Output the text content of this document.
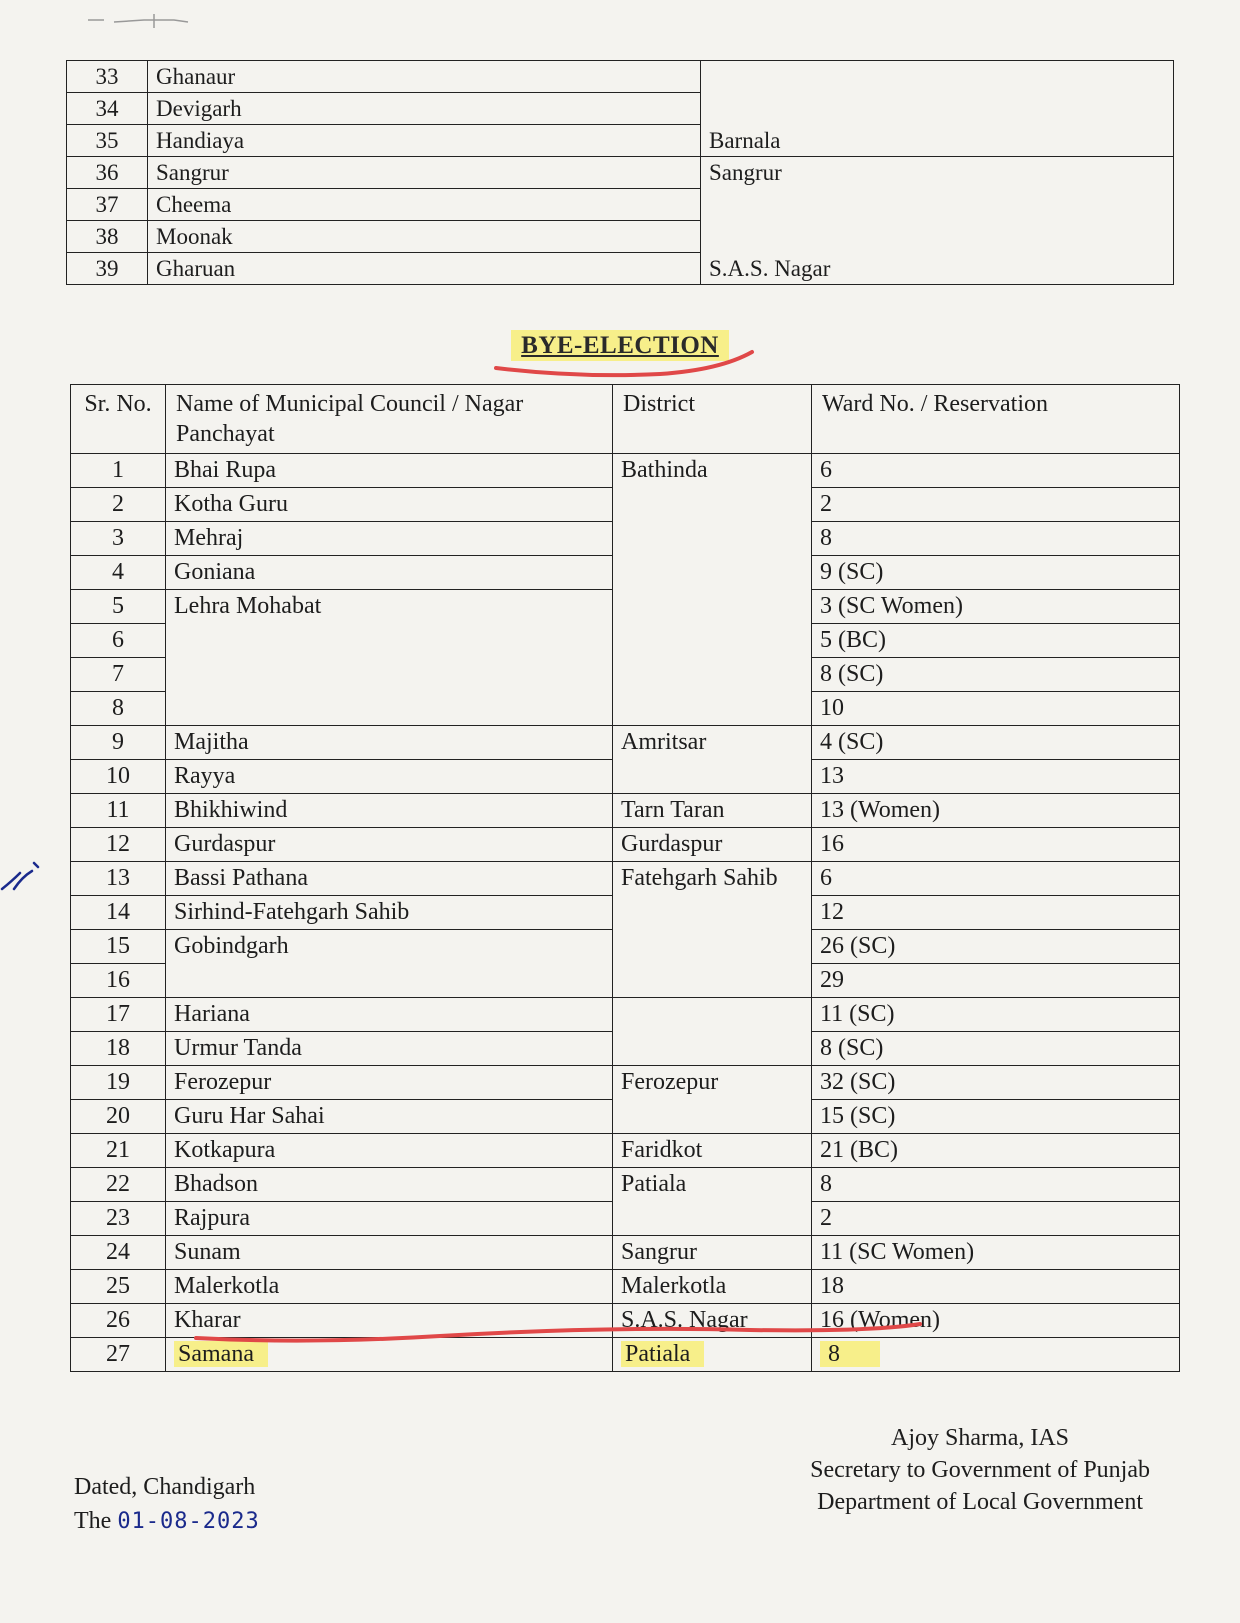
33	Ghanaur	
34	Devigarh	
35	Handiaya	Barnala
36	Sangrur	Sangrur
37	Cheema	
38	Moonak	
39	Gharuan	S.A.S. Nagar
BYE-ELECTION
Sr. No.	Name of Municipal Council / Nagar Panchayat	District	Ward No. / Reservation
1	Bhai Rupa	Bathinda	6
2	Kotha Guru		2
3	Mehraj		8
4	Goniana		9 (SC)
5	Lehra Mohabat		3 (SC Women)
6			5 (BC)
7			8 (SC)
8			10
9	Majitha	Amritsar	4 (SC)
10	Rayya		13
11	Bhikhiwind	Tarn Taran	13 (Women)
12	Gurdaspur	Gurdaspur	16
13	Bassi Pathana	Fatehgarh Sahib	6
14	Sirhind-Fatehgarh Sahib		12
15	Gobindgarh		26 (SC)
16			29
17	Hariana		11 (SC)
18	Urmur Tanda		8 (SC)
19	Ferozepur	Ferozepur	32 (SC)
20	Guru Har Sahai		15 (SC)
21	Kotkapura	Faridkot	21 (BC)
22	Bhadson	Patiala	8
23	Rajpura		2
24	Sunam	Sangrur	11 (SC Women)
25	Malerkotla	Malerkotla	18
26	Kharar	S.A.S. Nagar	16 (Women)
27	Samana	Patiala	8
Dated, Chandigarh
The 01-08-2023
Ajoy Sharma, IAS
Secretary to Government of Punjab
Department of Local Government
